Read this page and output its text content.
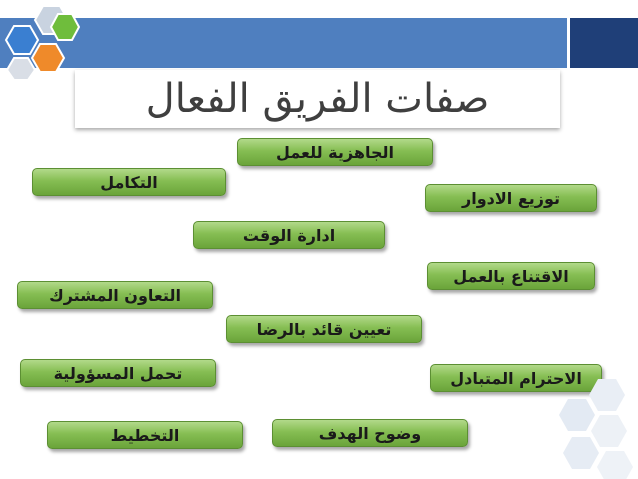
صفات الفريق الفعال
الجاهزية للعمل
التكامل
توزيع الادوار
ادارة الوقت
الاقتناع بالعمل
التعاون المشترك
تعيين قائد بالرضا
تحمل المسؤولية	الاحترام المتبادل
التخطيط	وضوح الهدف
